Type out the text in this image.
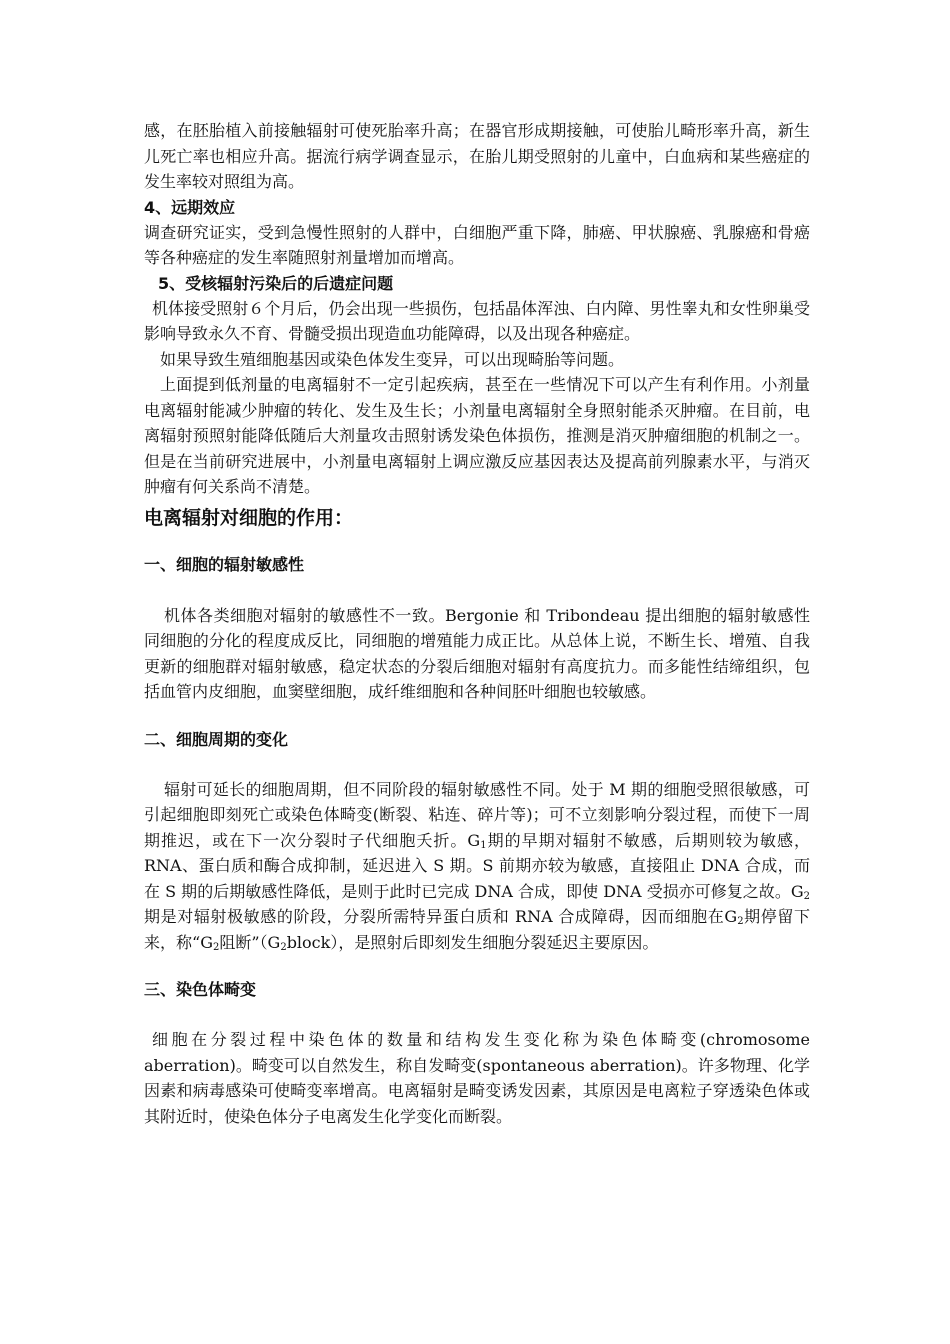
感，在胚胎植入前接触辐射可使死胎率升高；在器官形成期接触，可使胎儿畸形率升高，新生儿死亡率也相应升高。据流行病学调查显示，在胎儿期受照射的儿童中，白血病和某些癌症的发生率较对照组为高。

4、远期效应

调查研究证实，受到急慢性照射的人群中，白细胞严重下降，肺癌、甲状腺癌、乳腺癌和骨癌等各种癌症的发生率随照射剂量增加而增高。

5、受核辐射污染后的后遗症问题

机体接受照射６个月后，仍会出现一些损伤，包括晶体浑浊、白内障、男性睾丸和女性卵巢受影响导致永久不育、骨髓受损出现造血功能障碍，以及出现各种癌症。

如果导致生殖细胞基因或染色体发生变异，可以出现畸胎等问题。

上面提到低剂量的电离辐射不一定引起疾病，甚至在一些情况下可以产生有利作用。小剂量电离辐射能减少肿瘤的转化、发生及生长；小剂量电离辐射全身照射能杀灭肿瘤。在目前，电离辐射预照射能降低随后大剂量攻击照射诱发染色体损伤，推测是消灭肿瘤细胞的机制之一。但是在当前研究进展中，小剂量电离辐射上调应激反应基因表达及提高前列腺素水平，与消灭肿瘤有何关系尚不清楚。

电离辐射对细胞的作用：

一、细胞的辐射敏感性

机体各类细胞对辐射的敏感性不一致。Bergonie 和 Tribondeau 提出细胞的辐射敏感性同细胞的分化的程度成反比，同细胞的增殖能力成正比。从总体上说，不断生长、增殖、自我更新的细胞群对辐射敏感，稳定状态的分裂后细胞对辐射有高度抗力。而多能性结缔组织，包括血管内皮细胞，血窦壁细胞，成纤维细胞和各种间胚叶细胞也较敏感。

二、细胞周期的变化

辐射可延长的细胞周期，但不同阶段的辐射敏感性不同。处于 M 期的细胞受照很敏感，可引起细胞即刻死亡或染色体畸变(断裂、粘连、碎片等)；可不立刻影响分裂过程，而使下一周期推迟，或在下一次分裂时子代细胞夭折。$G_1$期的早期对辐射不敏感，后期则较为敏感，RNA、蛋白质和酶合成抑制，延迟进入 S 期。S 前期亦较为敏感，直接阻止 DNA 合成，而在 S 期的后期敏感性降低，是则于此时已完成 DNA 合成，即使 DNA 受损亦可修复之故。$G_2$期是对辐射极敏感的阶段，分裂所需特异蛋白质和 RNA 合成障碍，因而细胞在$G_2$期停留下来，称“$G_2$阻断$”(G_2block)$，是照射后即刻发生细胞分裂延迟主要原因。

三、染色体畸变

细胞在分裂过程中染色体的数量和结构发生变化称为染色体畸变(chromosome aberration)。畸变可以自然发生，称自发畸变(spontaneous aberration)。许多物理、化学因素和病毒感染可使畸变率增高。电离辐射是畸变诱发因素，其原因是电离粒子穿透染色体或其附近时，使染色体分子电离发生化学变化而断裂。
